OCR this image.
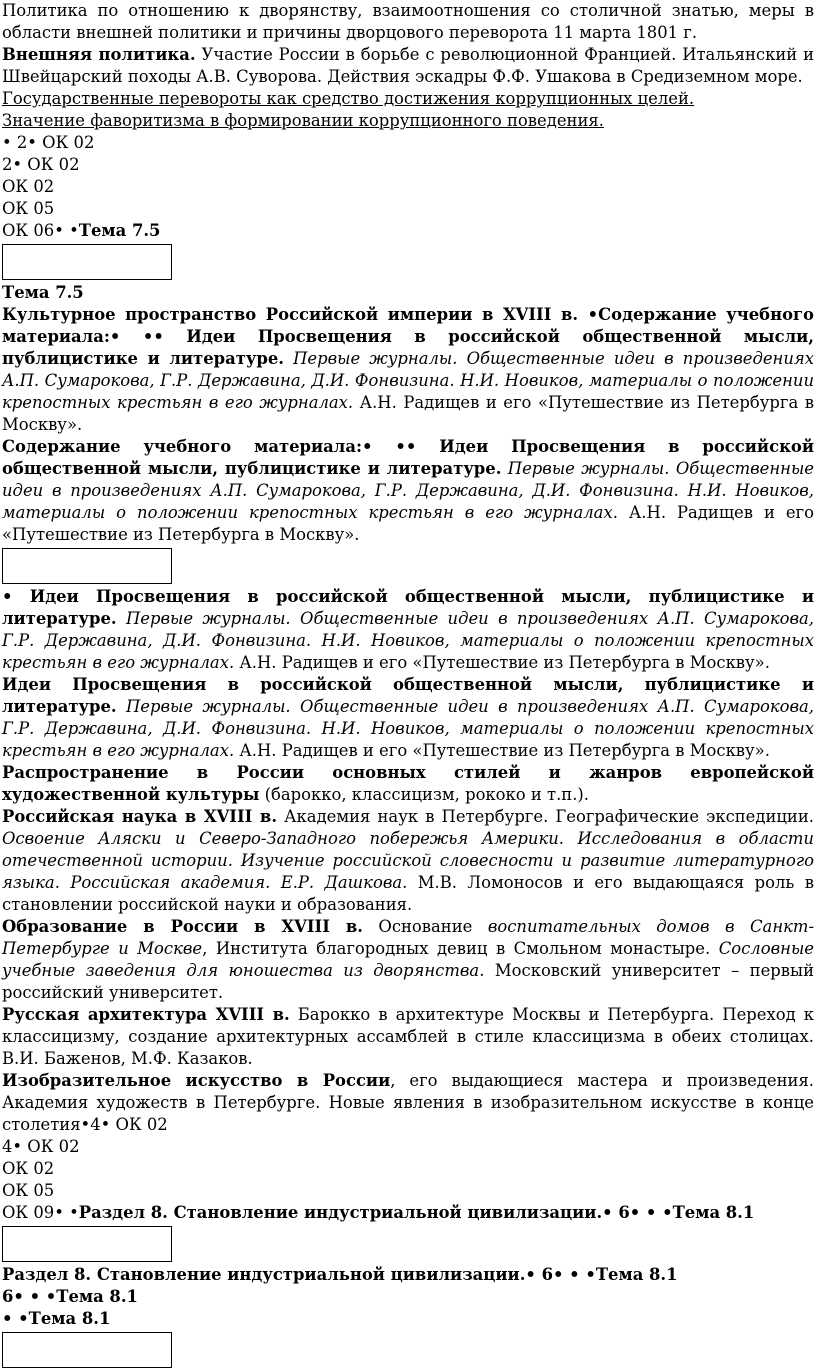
Политика по отношению к дворянству, взаимоотношения со столичной знатью, меры в области внешней политики и причины дворцового переворота 11 марта 1801 г.

Внешняя политика. Участие России в борьбе с революционной Францией. Итальянский и Швейцарский походы А.В. Суворова. Действия эскадры Ф.Ф. Ушакова в Средиземном море.

Государственные перевороты как средство достижения коррупционных целей.

Значение фаворитизма в формировании коррупционного поведения.

• 2• ОК 02

2• ОК 02

ОК 02

ОК 05

ОК 06• •Тема 7.5

Тема 7.5

Культурное пространство Российской империи в XVIII в. •Содержание учебного материала:• •• Идеи Просвещения в российской общественной мысли, публицистике и литературе. Первые журналы. Общественные идеи в произведениях А.П. Сумарокова, Г.Р. Державина, Д.И. Фонвизина. Н.И. Новиков, материалы о положении крепостных крестьян в его журналах. А.Н. Радищев и его «Путешествие из Петербурга в Москву».

Содержание учебного материала:• •• Идеи Просвещения в российской общественной мысли, публицистике и литературе. Первые журналы. Общественные идеи в произведениях А.П. Сумарокова, Г.Р. Державина, Д.И. Фонвизина. Н.И. Новиков, материалы о положении крепостных крестьян в его журналах. А.Н. Радищев и его «Путешествие из Петербурга в Москву».

• Идеи Просвещения в российской общественной мысли, публицистике и литературе. Первые журналы. Общественные идеи в произведениях А.П. Сумарокова, Г.Р. Державина, Д.И. Фонвизина. Н.И. Новиков, материалы о положении крепостных крестьян в его журналах. А.Н. Радищев и его «Путешествие из Петербурга в Москву».

Идеи Просвещения в российской общественной мысли, публицистике и литературе. Первые журналы. Общественные идеи в произведениях А.П. Сумарокова, Г.Р. Державина, Д.И. Фонвизина. Н.И. Новиков, материалы о положении крепостных крестьян в его журналах. А.Н. Радищев и его «Путешествие из Петербурга в Москву».

Распространение в России основных стилей и жанров европейской художественной культуры (барокко, классицизм, рококо и т.п.).

Российская наука в XVIII в. Академия наук в Петербурге. Географические экспедиции. Освоение Аляски и Северо-Западного побережья Америки. Исследования в области отечественной истории. Изучение российской словесности и развитие литературного языка. Российская академия. Е.Р. Дашкова. М.В. Ломоносов и его выдающаяся роль в становлении российской науки и образования.

Образование в России в XVIII в. Основание воспитательных домов в Санкт-Петербурге и Москве, Института благородных девиц в Смольном монастыре. Сословные учебные заведения для юношества из дворянства. Московский университет – первый российский университет.

Русская архитектура XVIII в. Барокко в архитектуре Москвы и Петербурга. Переход к классицизму, создание архитектурных ассамблей в стиле классицизма в обеих столицах. В.И. Баженов, М.Ф. Казаков.

Изобразительное искусство в России, его выдающиеся мастера и произведения. Академия художеств в Петербурге. Новые явления в изобразительном искусстве в конце столетия•4• ОК 02

4• ОК 02

ОК 02

ОК 05

ОК 09• •Раздел 8. Становление индустриальной цивилизации.• 6• • •Тема 8.1

Раздел 8. Становление индустриальной цивилизации.• 6• • •Тема 8.1

6• • •Тема 8.1

• •Тема 8.1
